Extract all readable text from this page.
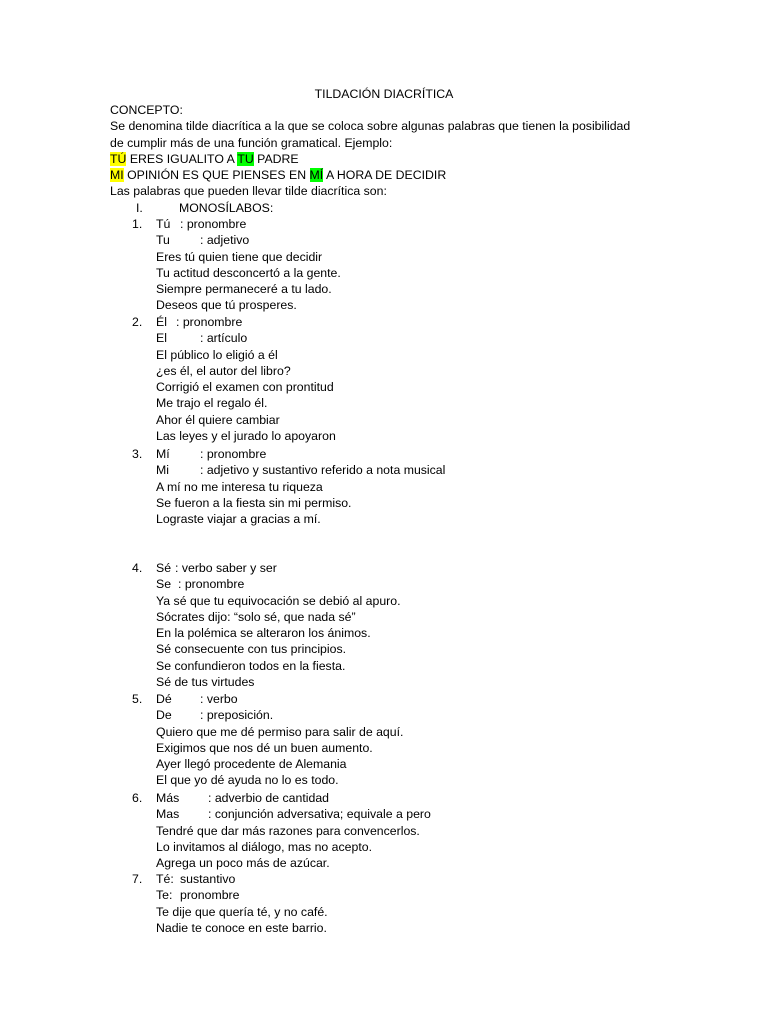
TILDACIÓN DIACRÍTICA

CONCEPTO:

Se denomina tilde diacrítica a la que se coloca sobre algunas palabras que tienen la posibilidad

de cumplir más de una función gramatical. Ejemplo:

TÚ ERES IGUALITO A TU PADRE

MI OPINIÓN ES QUE PIENSES EN MÍ A HORA DE DECIDIR

Las palabras que pueden llevar tilde diacrítica son:

I.	MONOSÍLABOS:
1. Tú : pronombre
Tu : adjetivo
Eres tú quien tiene que decidir
Tu actitud desconcertó a la gente.
Siempre permaneceré a tu lado.
Deseos que tú prosperes.
2. Él : pronombre
El	: artículo
El público lo eligió a él
¿es él, el autor del libro?
Corrigió el examen con prontitud
Me trajo el regalo él.
Ahor él quiere cambiar
Las leyes y el jurado lo apoyaron
3. Mí : pronombre
Mi	: adjetivo y sustantivo referido a nota musical
A mí no me interesa tu riqueza
Se fueron a la fiesta sin mi permiso.
Lograste viajar a gracias a mí.
4. Sé : verbo saber y ser
Se : pronombre
Ya sé que tu equivocación se debió al apuro.
Sócrates dijo: “solo sé, que nada sé”
En la polémica se alteraron los ánimos.
Sé consecuente con tus principios.
Se confundieron todos en la fiesta.
Sé de tus virtudes
5. Dé : verbo
De : preposición.
Quiero que me dé permiso para salir de aquí.
Exigimos que nos dé un buen aumento.
Ayer llegó procedente de Alemania
El que yo dé ayuda no lo es todo.
6. Más : adverbio de cantidad
Mas : conjunción adversativa; equivale a pero
Tendré que dar más razones para convencerlos.
Lo invitamos al diálogo, mas no acepto.
Agrega un poco más de azúcar.
7. Té: sustantivo
Te: pronombre
Te dije que quería té, y no café.
Nadie te conoce en este barrio.
